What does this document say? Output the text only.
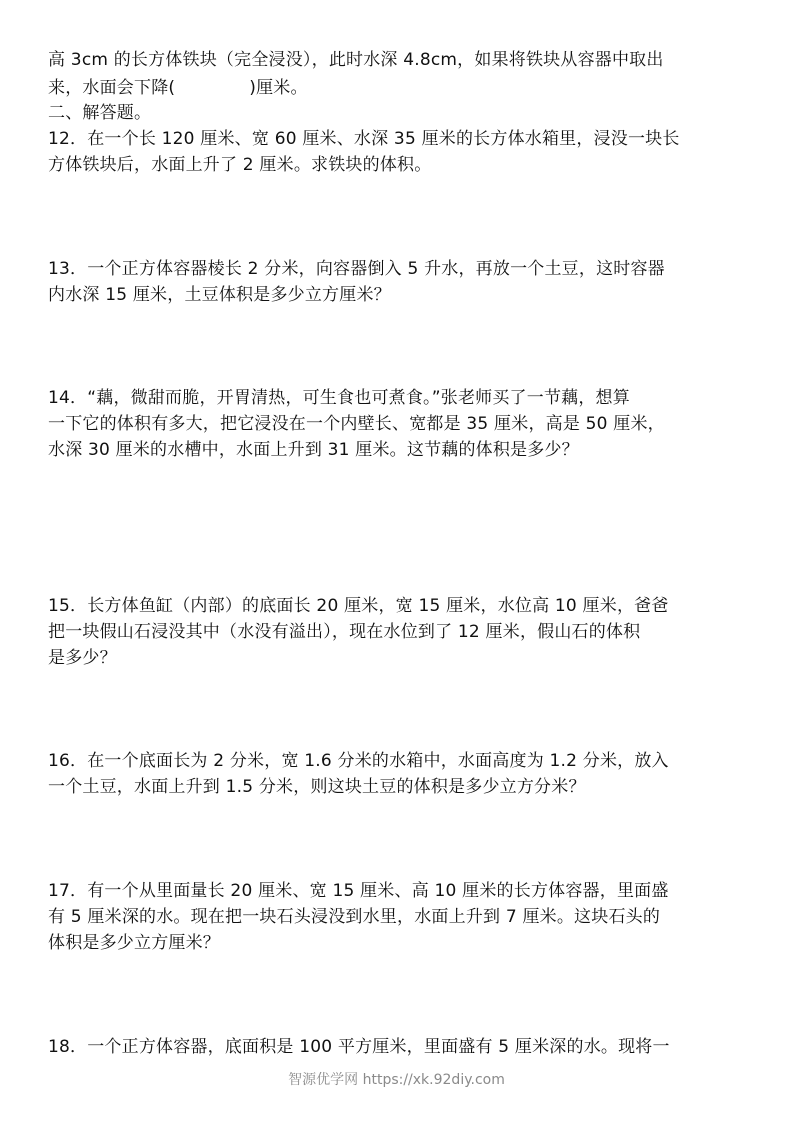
高 3cm 的长方体铁块（完全浸没），此时水深 4.8cm，如果将铁块从容器中取出
来，水面会下降(	)厘米。
二、解答题。
12．在一个长 120 厘米、宽 60 厘米、水深 35 厘米的长方体水箱里，浸没一块长
方体铁块后，水面上升了 2 厘米。求铁块的体积。
13．一个正方体容器棱长 2 分米，向容器倒入 5 升水，再放一个土豆，这时容器
内水深 15 厘米，土豆体积是多少立方厘米？
14．“藕，微甜而脆，开胃清热，可生食也可煮食。”张老师买了一节藕，想算
一下它的体积有多大，把它浸没在一个内壁长、宽都是 35 厘米，高是 50 厘米，
水深 30 厘米的水槽中，水面上升到 31 厘米。这节藕的体积是多少？
15．长方体鱼缸（内部）的底面长 20 厘米，宽 15 厘米，水位高 10 厘米，爸爸
把一块假山石浸没其中（水没有溢出），现在水位到了 12 厘米，假山石的体积
是多少？
16．在一个底面长为 2 分米，宽 1.6 分米的水箱中，水面高度为 1.2 分米，放入
一个土豆，水面上升到 1.5 分米，则这块土豆的体积是多少立方分米？
17．有一个从里面量长 20 厘米、宽 15 厘米、高 10 厘米的长方体容器，里面盛
有 5 厘米深的水。现在把一块石头浸没到水里，水面上升到 7 厘米。这块石头的
体积是多少立方厘米？
18．一个正方体容器，底面积是 100 平方厘米，里面盛有 5 厘米深的水。现将一
智源优学网 https://xk.92diy.com
